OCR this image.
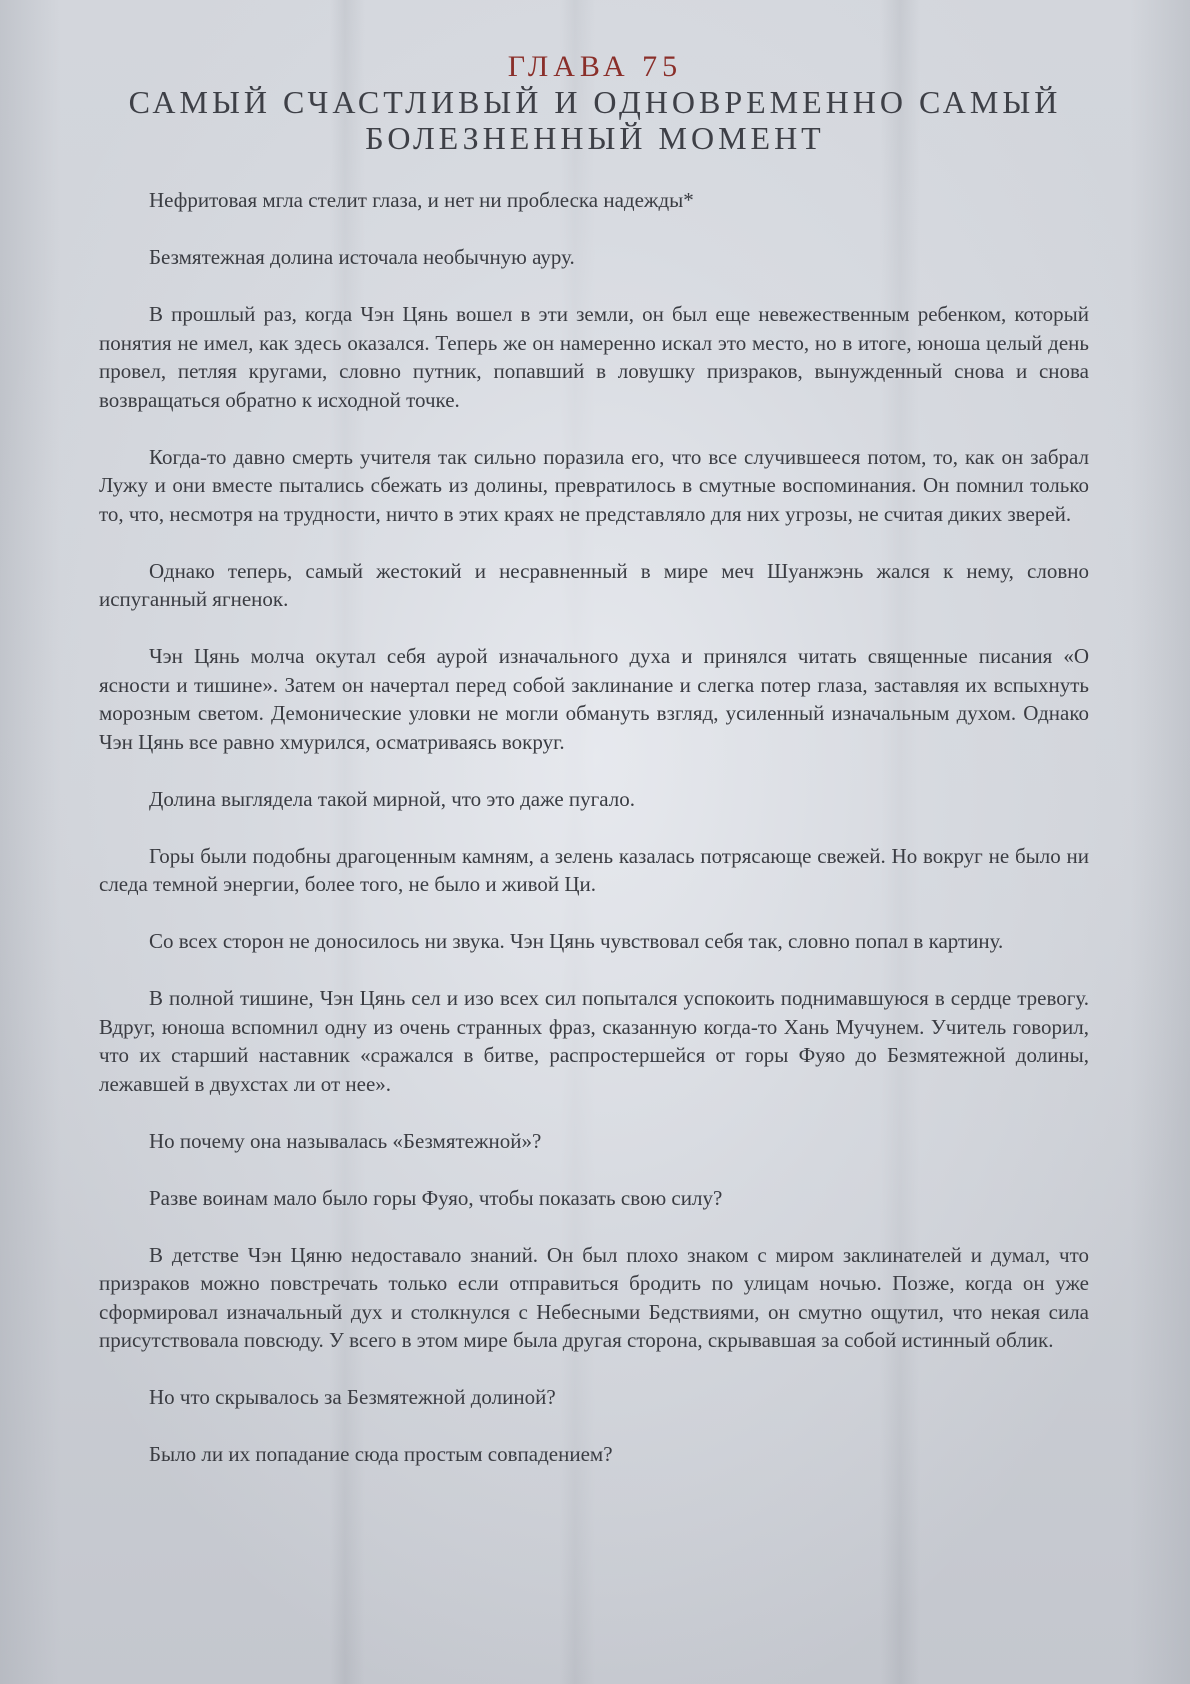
ГЛАВА 75
САМЫЙ СЧАСТЛИВЫЙ И ОДНОВРЕМЕННО САМЫЙ БОЛЕЗНЕННЫЙ МОМЕНТ

Нефритовая мгла стелит глаза, и нет ни проблеска надежды*

Безмятежная долина источала необычную ауру.

В прошлый раз, когда Чэн Цянь вошел в эти земли, он был еще невежественным ребенком, который понятия не имел, как здесь оказался. Теперь же он намеренно искал это место, но в итоге, юноша целый день провел, петляя кругами, словно путник, попавший в ловушку призраков, вынужденный снова и снова возвращаться обратно к исходной точке.

Когда-то давно смерть учителя так сильно поразила его, что все случившееся потом, то, как он забрал Лужу и они вместе пытались сбежать из долины, превратилось в смутные воспоминания. Он помнил только то, что, несмотря на трудности, ничто в этих краях не представляло для них угрозы, не считая диких зверей.

Однако теперь, самый жестокий и несравненный в мире меч Шуанжэнь жался к нему, словно испуганный ягненок.

Чэн Цянь молча окутал себя аурой изначального духа и принялся читать священные писания «О ясности и тишине». Затем он начертал перед собой заклинание и слегка потер глаза, заставляя их вспыхнуть морозным светом. Демонические уловки не могли обмануть взгляд, усиленный изначальным духом. Однако Чэн Цянь все равно хмурился, осматриваясь вокруг.

Долина выглядела такой мирной, что это даже пугало.

Горы были подобны драгоценным камням, а зелень казалась потрясающе свежей. Но вокруг не было ни следа темной энергии, более того, не было и живой Ци.

Со всех сторон не доносилось ни звука. Чэн Цянь чувствовал себя так, словно попал в картину.

В полной тишине, Чэн Цянь сел и изо всех сил попытался успокоить поднимавшуюся в сердце тревогу. Вдруг, юноша вспомнил одну из очень странных фраз, сказанную когда-то Хань Мучунем. Учитель говорил, что их старший наставник «сражался в битве, распростершейся от горы Фуяо до Безмятежной долины, лежавшей в двухстах ли от нее».

Но почему она называлась «Безмятежной»?

Разве воинам мало было горы Фуяо, чтобы показать свою силу?

В детстве Чэн Цяню недоставало знаний. Он был плохо знаком с миром заклинателей и думал, что призраков можно повстречать только если отправиться бродить по улицам ночью. Позже, когда он уже сформировал изначальный дух и столкнулся с Небесными Бедствиями, он смутно ощутил, что некая сила присутствовала повсюду. У всего в этом мире была другая сторона, скрывавшая за собой истинный облик.

Но что скрывалось за Безмятежной долиной?

Было ли их попадание сюда простым совпадением?
